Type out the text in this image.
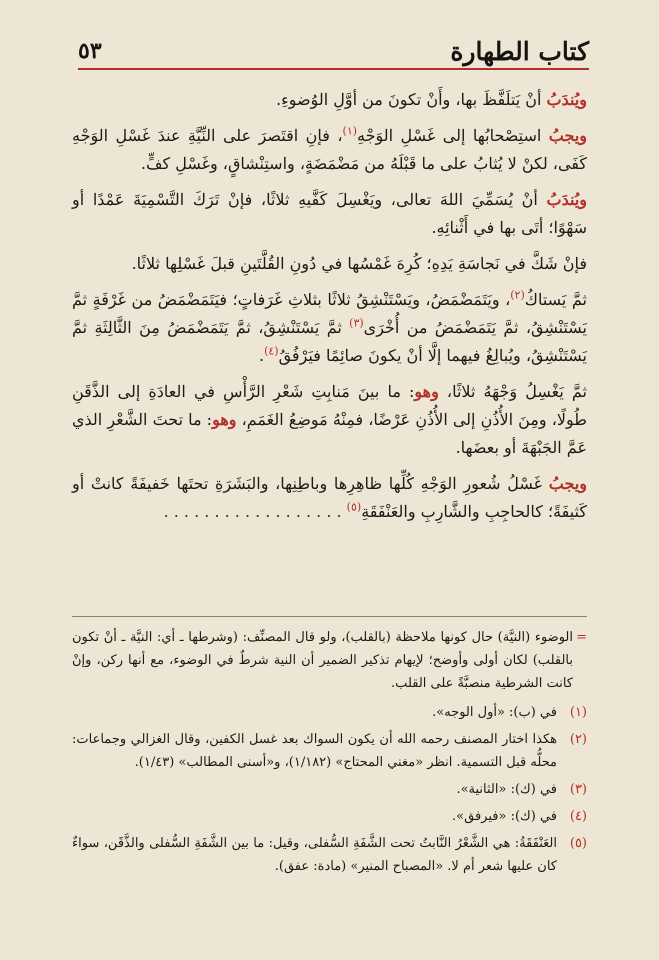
كتاب الطهارة
٥٣

ويُندَبُ أنْ يَتلَفَّظَ بها، وأَنْ تكونَ من أوَّلِ الوُضوءِ.

ويجبُ استِصْحابُها إلى غَسْلِ الوَجْهِ$^{(١)}$، فإنِ اقتَصرَ على النِّيَّةِ عندَ غَسْلِ الوَجْهِ كَفَى، لكنْ لا يُثابُ على ما قَبْلَهُ من مَضْمَضَةٍ، واستِنْشاقٍ، وغَسْلِ كفٍّ.

ويُندَبُ أنْ يُسَمِّيَ اللهَ تعالى، ويَغْسِلَ كَفَّيهِ ثلاثًا، فإنْ تَرَكَ التَّسْمِيَةَ عَمْدًا أو سَهْوًا؛ أتَى بها في أَثْنائِهِ.

فإنْ شَكَّ في نَجاسَةِ يَدِهِ؛ كُرِهَ غَمْسُها في دُونِ القُلَّتَينِ قبلَ غَسْلِها ثلاثًا.

ثمَّ يَستاكُ$^{(٢)}$، ويَتَمَضْمَضُ، ويَسْتَنْشِقُ ثلاثًا بثلاثِ غَرَفاتٍ؛ فيَتَمَضْمَضُ من غَرْفَةٍ ثمَّ يَسْتَنْشِقُ، ثمَّ يَتَمَضْمَضُ من أُخْرَى$^{(٣)}$ ثمَّ يَسْتَنْشِقُ، ثمَّ يَتَمَضْمَضُ مِنَ الثَّالِثَةِ ثمَّ يَسْتَنْشِقُ، ويُبالِغُ فيهما إلَّا أنْ يكونَ صائِمًا فيَرْفُقُ$^{(٤)}$.

ثمَّ يَغْسِلُ وَجْهَهُ ثلاثًا، وهو: ما بينَ مَنابِتِ شَعْرِ الرَّأْسِ في العادَةِ إلى الذَّقَنِ طُولًا، ومِنَ الأُذُنِ إلى الأُذُنِ عَرْضًا، فمِنْهُ مَوضِعُ الغَمَمِ، وهو: ما تحتَ الشَّعْرِ الذي عَمَّ الجَبْهَةَ أو بعضَها.

ويجبُ غَسْلُ شُعورِ الوَجْهِ كُلِّها ظاهِرِها وباطِنِها، والبَشَرَةِ تحتَها خَفيفَةً كانتْ أو كَثيفَةً؛ كالحاجِبِ والشَّارِبِ والعَنْفَقَةِ$^{(٥)}$ . . . . . . . . . . . . . . . . . .

=
الوضوء (النيَّة) حال كونها ملاحظة (بالقلب)، ولو قال المصنِّف: (وشرطها ـ أي: النيَّة ـ أنْ تكون بالقلب) لكان أولى وأوضح؛ لإيهام تذكير الضمير أن النية شرطٌ في الوضوء، مع أنها ركن، وإنْ كانت الشرطية منصبَّةً على القلب.
(١)
في (ب): «أول الوجه».
(٢)
هكذا اختار المصنف رحمه الله أن يكون السواك بعد غسل الكفين، وقال الغزالي وجماعات: محلُّه قبل التسمية. انظر «مغني المحتاج» (١/١٨٢)، و«أسنى المطالب» (١/٤٣).
(٣)
في (ك): «الثانية».
(٤)
في (ك): «فيرفق».
(٥)
العَنْفَقَةُ: هي الشَّعْرُ النَّابتُ تحت الشَّفَةِ السُّفلى، وقيل: ما بين الشَّفَةِ السُّفلى والذَّقَن، سواءٌ كان عليها شعر أم لا. «المصباح المنير» (مادة: عفق).
